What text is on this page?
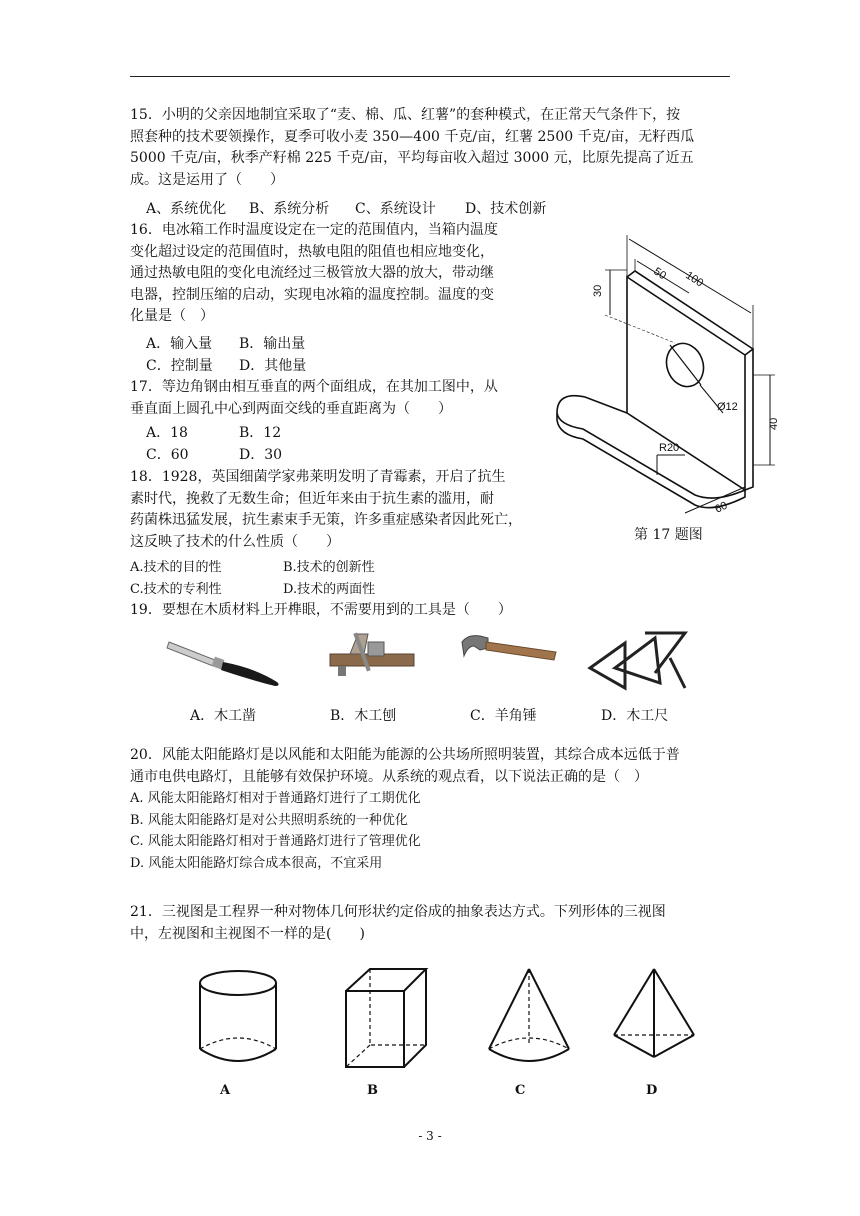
15．小明的父亲因地制宜采取了“麦、棉、瓜、红薯”的套种模式，在正常天气条件下，按
照套种的技术要领操作，夏季可收小麦 350—400 千克/亩，红薯 2500 千克/亩，无籽西瓜
5000 千克/亩，秋季产籽棉 225 千克/亩，平均每亩收入超过 3000 元，比原先提高了近五
成。这是运用了（　　）
A、系统优化 B、系统分析 C、系统设计 D、技术创新
16．电冰箱工作时温度设定在一定的范围值内，当箱内温度
变化超过设定的范围值时，热敏电阻的阻值也相应地变化，
通过热敏电阻的变化电流经过三极管放大器的放大，带动继
电器，控制压缩的启动，实现电冰箱的温度控制。温度的变
化量是（　）
A．输入量 B．输出量
C．控制量 D．其他量
17．等边角钢由相互垂直的两个面组成，在其加工图中，从
垂直面上圆孔中心到两面交线的垂直距离为（　　）
A．18	B．12
C．60	D．30
100
50
30
Ø12
40
R20
60
第 17 题图
18．1928，英国细菌学家弗莱明发明了青霉素，开启了抗生
素时代，挽救了无数生命；但近年来由于抗生素的滥用，耐
药菌株迅猛发展，抗生素束手无策，许多重症感染者因此死亡，
这反映了技术的什么性质（　　）
A.技术的目的性	B.技术的创新性
C.技术的专利性	D.技术的两面性
19．要想在木质材料上开榫眼，不需要用到的工具是（　　）
A．木工凿	B．木工刨	C．羊角锤	D．木工尺
20．风能太阳能路灯是以风能和太阳能为能源的公共场所照明装置，其综合成本远低于普
通市电供电路灯，且能够有效保护环境。从系统的观点看，以下说法正确的是（　）
A. 风能太阳能路灯相对于普通路灯进行了工期优化
B. 风能太阳能路灯是对公共照明系统的一种优化
C. 风能太阳能路灯相对于普通路灯进行了管理优化
D. 风能太阳能路灯综合成本很高，不宜采用
21．三视图是工程界一种对物体几何形状约定俗成的抽象表达方式。下列形体的三视图
中，左视图和主视图不一样的是(　　)
A	B	C	D
- 3 -
